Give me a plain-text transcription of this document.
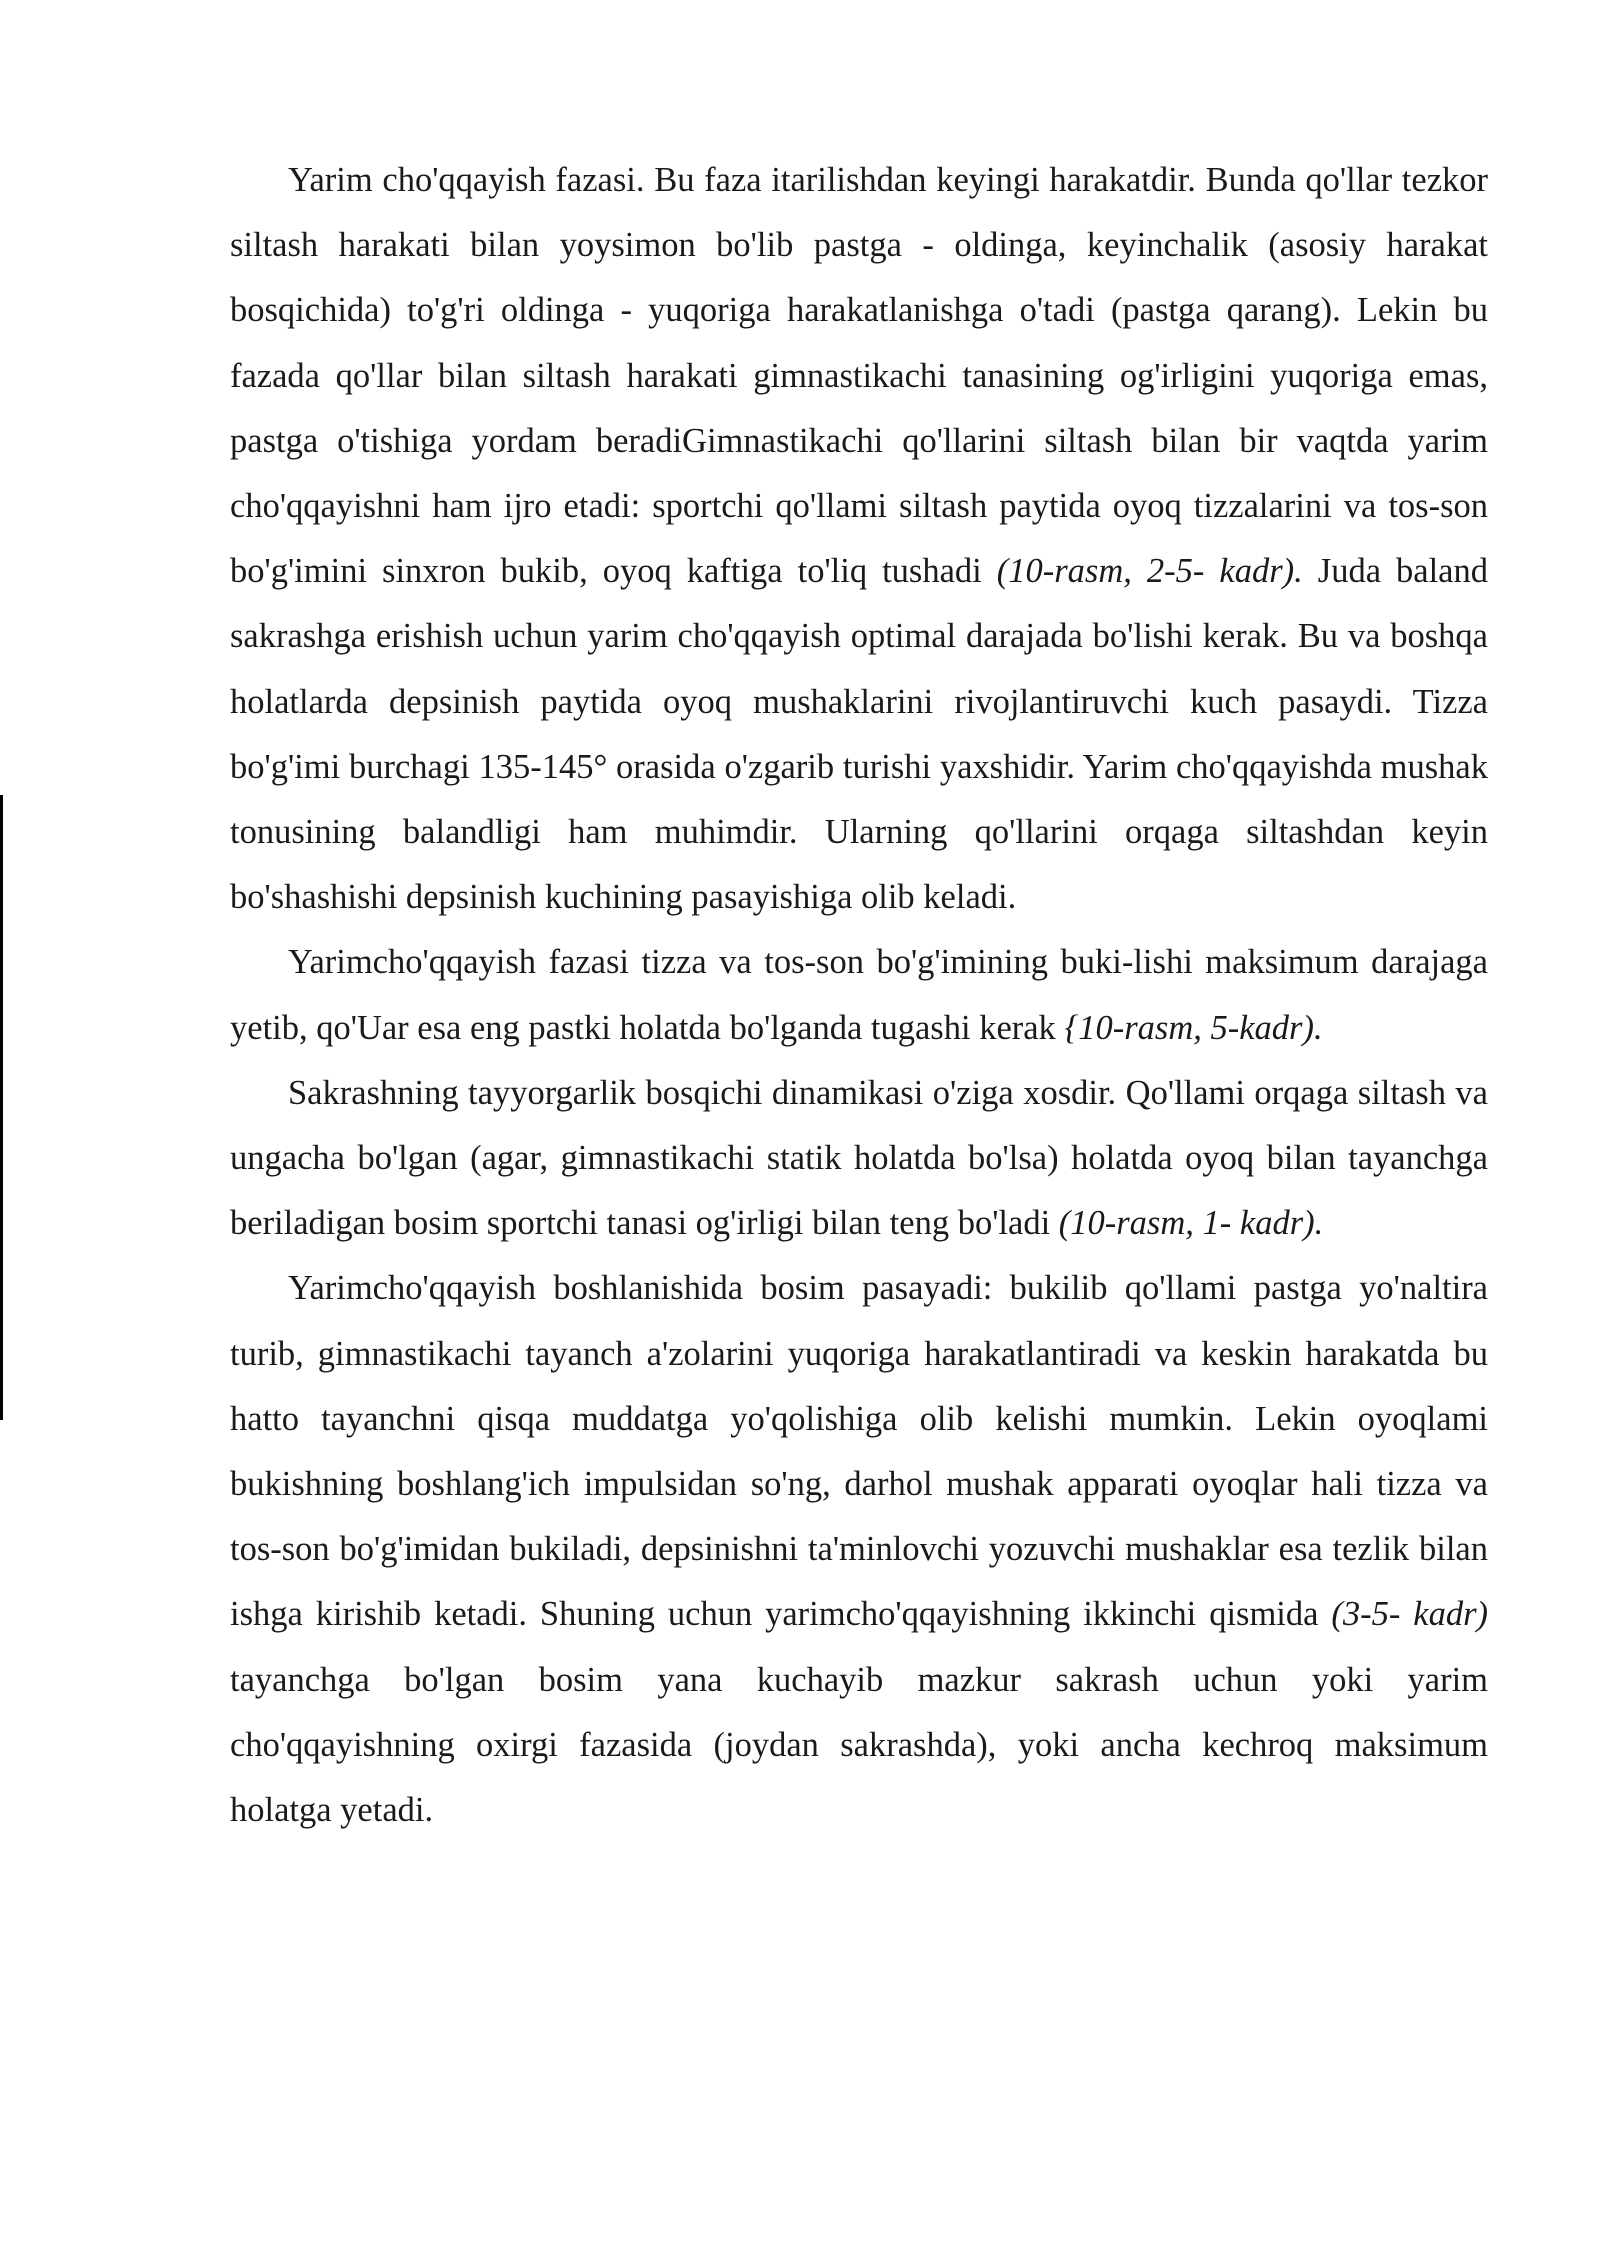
Yarim cho'qqayish fazasi. Bu faza itarilishdan keyingi harakatdir. Bunda qo'llar tezkor siltash harakati bilan yoysimon bo'lib pastga - oldinga, keyinchalik (asosiy harakat bosqichida) to'g'ri oldinga - yuqoriga harakatlanishga o'tadi (pastga qarang). Lekin bu fazada qo'llar bilan siltash harakati gimnastikachi tanasining og'irligini yuqoriga emas, pastga o'tishiga yordam beradiGimnastikachi qo'llarini siltash bilan bir vaqtda yarim cho'qqayishni ham ijro etadi: sportchi qo'llami siltash paytida oyoq tizzalarini va tos-son bo'g'imini sinxron bukib, oyoq kaftiga to'liq tushadi (10-rasm, 2-5- kadr). Juda baland sakrashga erishish uchun yarim cho'qqayish optimal darajada bo'lishi kerak. Bu va boshqa holatlarda depsinish paytida oyoq mushaklarini rivojlantiruvchi kuch pasaydi. Tizza bo'g'imi burchagi 135-145° orasida o'zgarib turishi yaxshidir. Yarim cho'qqayishda mushak tonusining balandligi ham muhimdir. Ularning qo'llarini orqaga siltashdan keyin bo'shashishi depsinish kuchining pasayishiga olib keladi.

Yarimcho'qqayish fazasi tizza va tos-son bo'g'imining buki-lishi maksimum darajaga yetib, qo'Uar esa eng pastki holatda bo'lganda tugashi kerak {10-rasm, 5-kadr).

Sakrashning tayyorgarlik bosqichi dinamikasi o'ziga xosdir. Qo'llami orqaga siltash va ungacha bo'lgan (agar, gimnastikachi statik holatda bo'lsa) holatda oyoq bilan tayanchga beriladigan bosim sportchi tanasi og'irligi bilan teng bo'ladi (10-rasm, 1- kadr).

Yarimcho'qqayish boshlanishida bosim pasayadi: bukilib qo'llami pastga yo'naltira turib, gimnastikachi tayanch a'zolarini yuqoriga harakatlantiradi va keskin harakatda bu hatto tayanchni qisqa muddatga yo'qolishiga olib kelishi mumkin. Lekin oyoqlami bukishning boshlang'ich impulsidan so'ng, darhol mushak apparati oyoqlar hali tizza va tos-son bo'g'imidan bukiladi, depsinishni ta'minlovchi yozuvchi mushaklar esa tezlik bilan ishga kirishib ketadi. Shuning uchun yarimcho'qqayishning ikkinchi qismida (3-5- kadr) tayanchga bo'lgan bosim yana kuchayib mazkur sakrash uchun yoki yarim cho'qqayishning oxirgi fazasida (joydan sakrashda), yoki ancha kechroq maksimum holatga yetadi.
